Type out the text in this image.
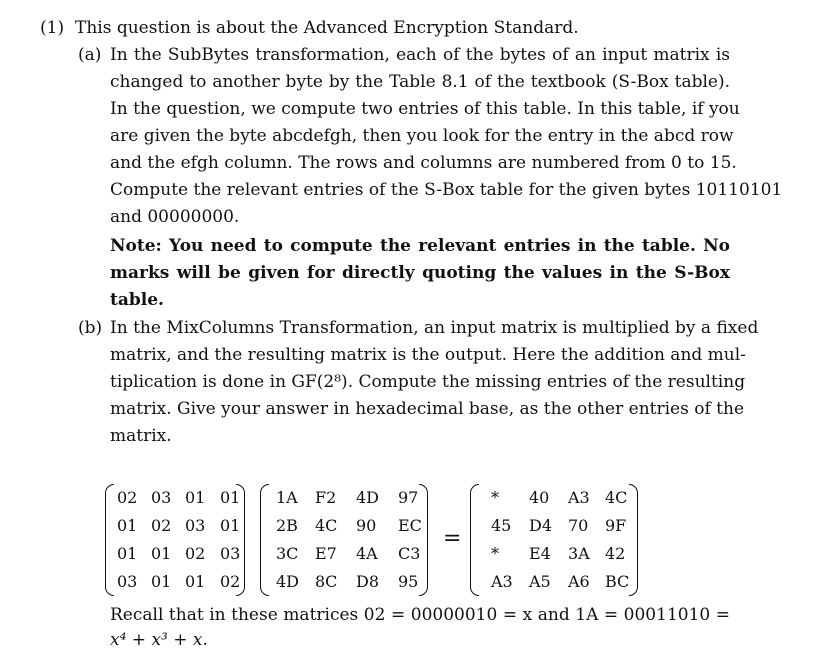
(1) This question is about the Advanced Encryption Standard.
(a) In the SubBytes transformation, each of the bytes of an input matrix is
changed to another byte by the Table 8.1 of the textbook (S-Box table).
In the question, we compute two entries of this table. In this table, if you
are given the byte abcdefgh, then you look for the entry in the abcd row
and the efgh column. The rows and columns are numbered from 0 to 15.
Compute the relevant entries of the S-Box table for the given bytes 10110101
and 00000000.
Note: You need to compute the relevant entries in the table. No
marks will be given for directly quoting the values in the S-Box
table.
(b) In the MixColumns Transformation, an input matrix is multiplied by a fixed
matrix, and the resulting matrix is the output. Here the addition and mul-
tiplication is done in GF(2⁸). Compute the missing entries of the resulting
matrix. Give your answer in hexadecimal base, as the other entries of the
matrix.
02 03 01 01
01 02 03 01
01 01 02 03
03 01 01 02
1A F2 4D 97
2B 4C 90 EC
3C E7 4A C3
4D 8C D8 95
=
* 40 A3 4C
45 D4 70 9F
* E4 3A 42
A3 A5 A6 BC
Recall that in these matrices 02 = 00000010 = x and 1A = 00011010 =
x⁴ + x³ + x.
